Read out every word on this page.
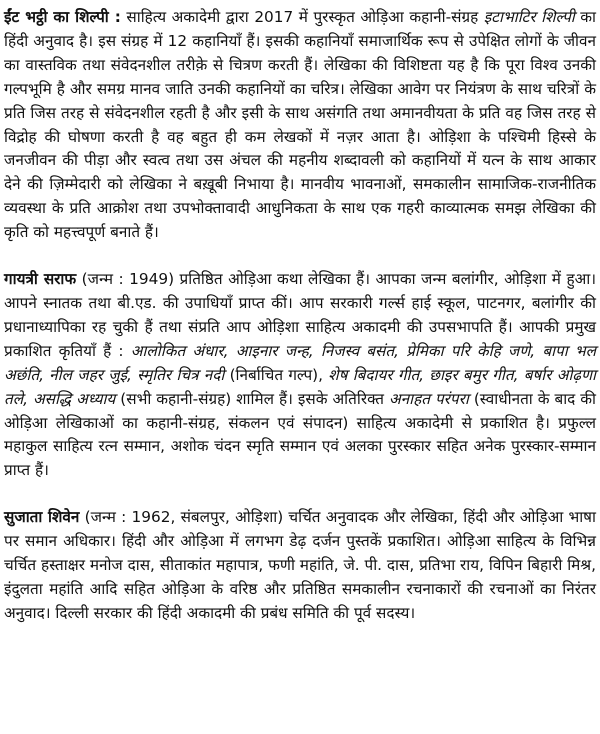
ईंट भट्ठी का शिल्पी : साहित्य अकादेमी द्वारा 2017 में पुरस्कृत ओड़िआ कहानी-संग्रह इटाभाटिर शिल्पी का हिंदी अनुवाद है। इस संग्रह में 12 कहानियाँ हैं। इसकी कहानियाँ समाजार्थिक रूप से उपेक्षित लोगों के जीवन का वास्तविक तथा संवेदनशील तरीक़े से चित्रण करती हैं। लेखिका की विशिष्टता यह है कि पूरा विश्व उनकी गल्पभूमि है और समग्र मानव जाति उनकी कहानियों का चरित्र। लेखिका आवेग पर नियंत्रण के साथ चरित्रों के प्रति जिस तरह से संवेदनशील रहती है और इसी के साथ असंगति तथा अमानवीयता के प्रति वह जिस तरह से विद्रोह की घोषणा करती है वह बहुत ही कम लेखकों में नज़र आता है। ओड़िशा के पश्चिमी हिस्से के जनजीवन की पीड़ा और स्वत्व तथा उस अंचल की महनीय शब्दावली को कहानियों में यत्न के साथ आकार देने की ज़िम्मेदारी को लेखिका ने बख़ूबी निभाया है। मानवीय भावनाओं, समकालीन सामाजिक-राजनीतिक व्यवस्था के प्रति आक्रोश तथा उपभोक्तावादी आधुनिकता के साथ एक गहरी काव्यात्मक समझ लेखिका की कृति को महत्त्वपूर्ण बनाते हैं।

गायत्री सराफ (जन्म : 1949) प्रतिष्ठित ओड़िआ कथा लेखिका हैं। आपका जन्म बलांगीर, ओड़िशा में हुआ। आपने स्नातक तथा बी.एड. की उपाधियाँ प्राप्त कीं। आप सरकारी गर्ल्स हाई स्कूल, पाटनगर, बलांगीर की प्रधानाध्यापिका रह चुकी हैं तथा संप्रति आप ओड़िशा साहित्य अकादमी की उपसभापति हैं। आपकी प्रमुख प्रकाशित कृतियाँ हैं : आलोकित अंधार, आइनार जन्ह, निजस्व बसंत, प्रेमिका परि केहि जणे, बापा भल अछंति, नील जहर जुई, स्मृतिर चित्र नदी (निर्बाचित गल्प), शेष बिदायर गीत, छाइर बमुर गीत, बर्षार ओढ़णा तले, असद्धि अध्याय (सभी कहानी-संग्रह) शामिल हैं। इसके अतिरिक्त अनाहत परंपरा (स्वाधीनता के बाद की ओड़िआ लेखिकाओं का कहानी-संग्रह, संकलन एवं संपादन) साहित्य अकादेमी से प्रकाशित है। प्रफुल्ल महाकुल साहित्य रत्न सम्मान, अशोक चंदन स्मृति सम्मान एवं अलका पुरस्कार सहित अनेक पुरस्कार-सम्मान प्राप्त हैं।

सुजाता शिवेन (जन्म : 1962, संबलपुर, ओड़िशा) चर्चित अनुवादक और लेखिका, हिंदी और ओड़िआ भाषा पर समान अधिकार। हिंदी और ओड़िआ में लगभग डेढ़ दर्जन पुस्तकें प्रकाशित। ओड़िआ साहित्य के विभिन्न चर्चित हस्ताक्षर मनोज दास, सीताकांत महापात्र, फणी महांति, जे. पी. दास, प्रतिभा राय, विपिन बिहारी मिश्र, इंदुलता महांति आदि सहित ओड़िआ के वरिष्ठ और प्रतिष्ठित समकालीन रचनाकारों की रचनाओं का निरंतर अनुवाद। दिल्ली सरकार की हिंदी अकादमी की प्रबंध समिति की पूर्व सदस्य।
